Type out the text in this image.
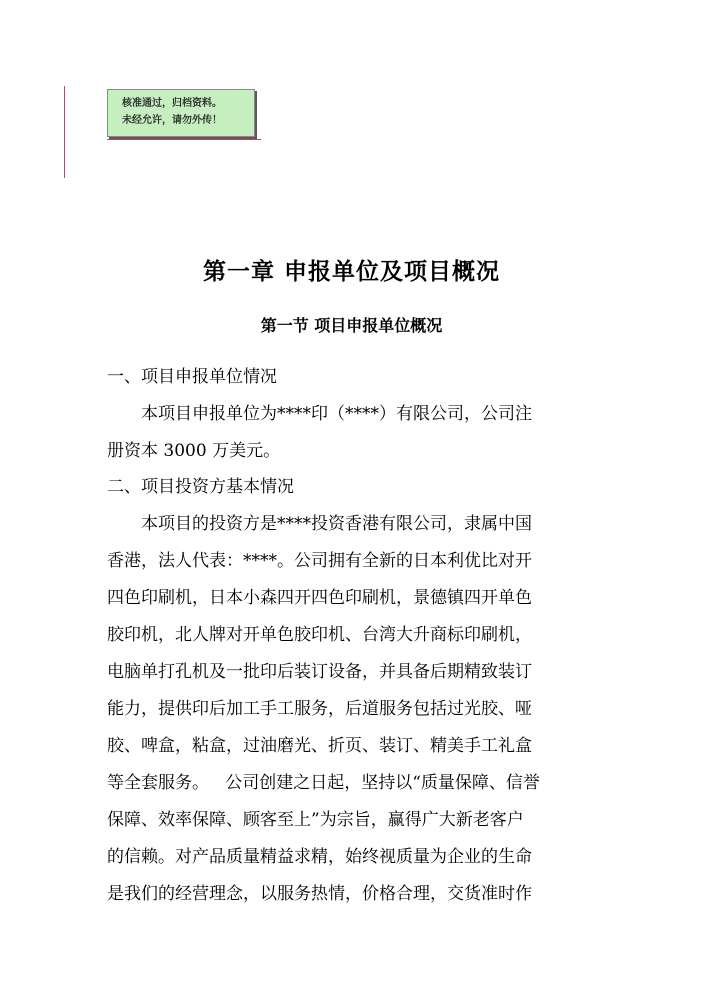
核准通过，归档资料。
未经允许，请勿外传！
第一章 申报单位及项目概况
第一节 项目申报单位概况
一、项目申报单位情况
本项目申报单位为****印（****）有限公司，公司注
册资本 3000 万美元。
二、项目投资方基本情况
本项目的投资方是****投资香港有限公司，隶属中国
香港，法人代表：****。公司拥有全新的日本利优比对开
四色印刷机，日本小森四开四色印刷机，景德镇四开单色
胶印机，北人牌对开单色胶印机、台湾大升商标印刷机，
电脑单打孔机及一批印后装订设备，并具备后期精致装订
能力，提供印后加工手工服务，后道服务包括过光胶、哑
胶、啤盒，粘盒，过油磨光、折页、装订、精美手工礼盒
等全套服务。   公司创建之日起，坚持以“质量保障、信誉
保障、效率保障、顾客至上”为宗旨，赢得广大新老客户
的信赖。对产品质量精益求精，始终视质量为企业的生命
是我们的经营理念，以服务热情，价格合理，交货准时作
